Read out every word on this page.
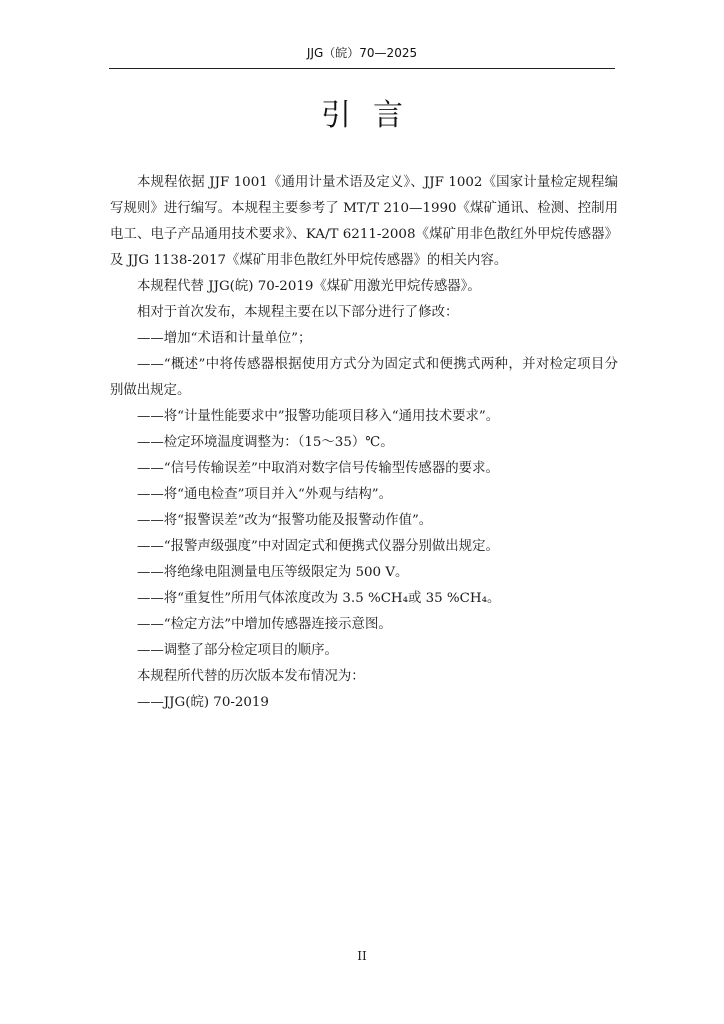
JJG（皖）70—2025
引言

本规程依据 JJF 1001《通用计量术语及定义》、JJF 1002《国家计量检定规程编写规则》进行编写。本规程主要参考了 MT/T 210—1990《煤矿通讯、检测、控制用电工、电子产品通用技术要求》、KA/T 6211-2008《煤矿用非色散红外甲烷传感器》及 JJG 1138-2017《煤矿用非色散红外甲烷传感器》的相关内容。

本规程代替 JJG(皖) 70-2019《煤矿用激光甲烷传感器》。

相对于首次发布，本规程主要在以下部分进行了修改：

——增加“术语和计量单位”；

——“概述”中将传感器根据使用方式分为固定式和便携式两种，并对检定项目分别做出规定。

——将“计量性能要求中”报警功能项目移入“通用技术要求”。

——检定环境温度调整为：（15～35）℃。

——“信号传输误差”中取消对数字信号传输型传感器的要求。

——将“通电检查”项目并入“外观与结构”。

——将“报警误差”改为“报警功能及报警动作值”。

——“报警声级强度”中对固定式和便携式仪器分别做出规定。

——将绝缘电阻测量电压等级限定为 500 V。

——将“重复性”所用气体浓度改为 3.5 %CH₄或 35 %CH₄。

——“检定方法”中增加传感器连接示意图。

——调整了部分检定项目的顺序。

本规程所代替的历次版本发布情况为：

——JJG(皖) 70-2019

II
